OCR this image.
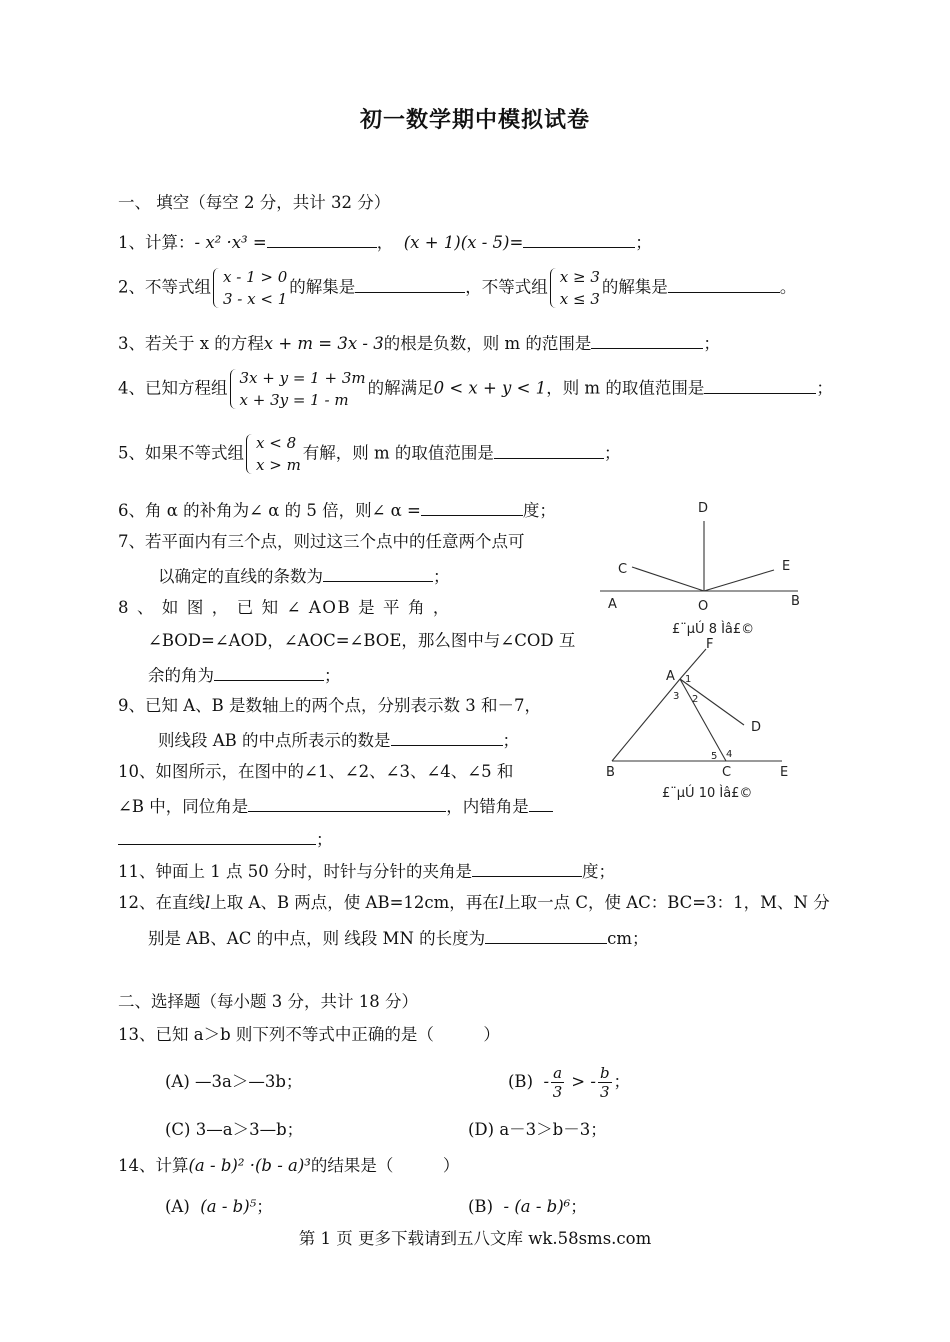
初一数学期中模拟试卷
一、 填空（每空 2 分，共计 32 分）
1、计算：- x² ·x³ =	， (x + 1)(x - 5)=	；
2、不等式组
x - 1 > 0
3 - x < 1
的解集是	，不等式组
x ≥ 3
x ≤ 3
的解集是	。
3、若关于 x 的方程x + m = 3x - 3的根是负数，则 m 的范围是	；
4、已知方程组
3x + y = 1 + 3m
x + 3y = 1 - m
的解满足0 < x + y < 1，则 m 的取值范围是	；
5、如果不等式组
x < 8
x > m
有解，则 m 的取值范围是	；
6、角 α 的补角为∠ α 的 5 倍，则∠ α =	度；
7、若平面内有三个点，则过这三个点中的任意两个点可
以确定的直线的条数为	；
8 、 如 图 ， 已 知 ∠ AOB 是 平 角 ，
∠BOD=∠AOD，∠AOC=∠BOE，那么图中与∠COD 互
余的角为	；
9、已知 A、B 是数轴上的两个点，分别表示数 3 和－7，
则线段 AB 的中点所表示的数是	；
10、如图所示，在图中的∠1、∠2、∠3、∠4、∠5 和
∠B 中，同位角是	，内错角是
；
11、钟面上 1 点 50 分时，时针与分针的夹角是	度；
12、在直线l上取 A、B 两点，使 AB=12cm，再在l上取一点 C，使 AC：BC=3：1，M、N 分
别是 AB、AC 的中点，则 线段 MN 的长度为	cm；
二、选择题（每小题 3 分，共计 18 分）
13、已知 a＞b 则下列不等式中正确的是（　　　）
(A) —3a＞—3b；	$(B) - \frac{a}{3}$ > - $\frac{b}{3}$ ；
(C) 3—a＞3—b；	(D) a－3＞b－3；
14、计算(a - b)² ·(b - a)³的结果是（　　　）
(A) (a - b)⁵；	(B) - (a - b)⁶；
第 1 页 更多下载请到五八文库 wk.58sms.com
D
C	E
A	O	B
£¨µÚ 8 Ìâ£©
F
A
D
B	C	E
1
3 2
5 4
£¨µÚ 10 Ìâ£©
